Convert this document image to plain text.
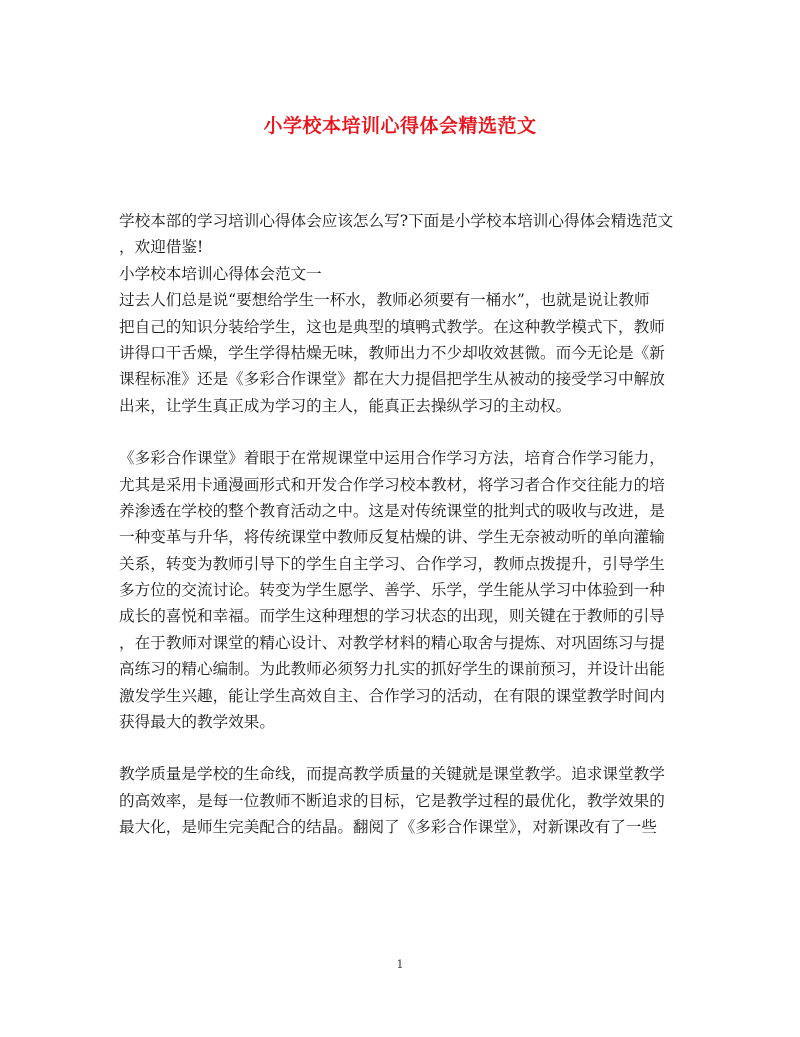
小学校本培训心得体会精选范文
学校本部的学习培训心得体会应该怎么写?下面是小学校本培训心得体会精选范文
，欢迎借鉴!
小学校本培训心得体会范文一
过去人们总是说“要想给学生一杯水，教师必须要有一桶水”，也就是说让教师
把自己的知识分装给学生，这也是典型的填鸭式教学。在这种教学模式下，教师
讲得口干舌燥，学生学得枯燥无味，教师出力不少却收效甚微。而今无论是《新
课程标准》还是《多彩合作课堂》都在大力提倡把学生从被动的接受学习中解放
出来，让学生真正成为学习的主人，能真正去操纵学习的主动权。
《多彩合作课堂》着眼于在常规课堂中运用合作学习方法，培育合作学习能力，
尤其是采用卡通漫画形式和开发合作学习校本教材，将学习者合作交往能力的培
养渗透在学校的整个教育活动之中。这是对传统课堂的批判式的吸收与改进，是
一种变革与升华，将传统课堂中教师反复枯燥的讲、学生无奈被动听的单向灌输
关系，转变为教师引导下的学生自主学习、合作学习，教师点拨提升，引导学生
多方位的交流讨论。转变为学生愿学、善学、乐学，学生能从学习中体验到一种
成长的喜悦和幸福。而学生这种理想的学习状态的出现，则关键在于教师的引导
，在于教师对课堂的精心设计、对教学材料的精心取舍与提炼、对巩固练习与提
高练习的精心编制。为此教师必须努力扎实的抓好学生的课前预习，并设计出能
激发学生兴趣，能让学生高效自主、合作学习的活动，在有限的课堂教学时间内
获得最大的教学效果。
教学质量是学校的生命线，而提高教学质量的关键就是课堂教学。追求课堂教学
的高效率，是每一位教师不断追求的目标，它是教学过程的最优化，教学效果的
最大化，是师生完美配合的结晶。翻阅了《多彩合作课堂》，对新课改有了一些
1
